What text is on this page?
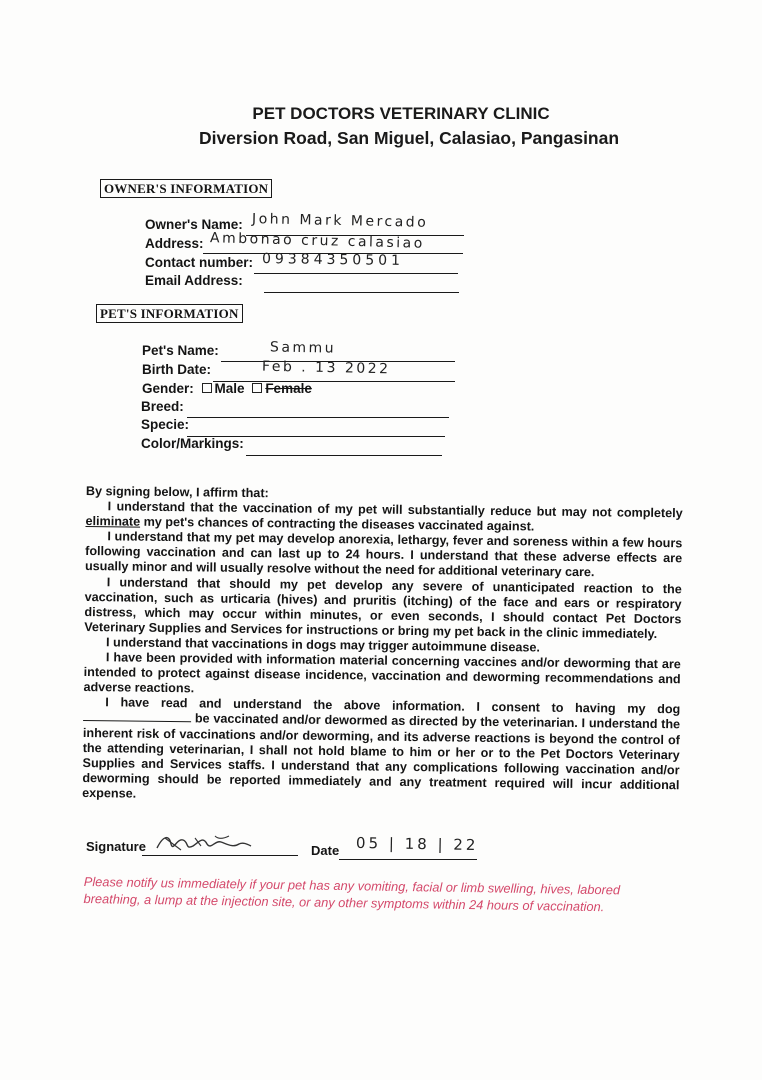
PET DOCTORS VETERINARY CLINIC
Diversion Road, San Miguel, Calasiao, Pangasinan
OWNER'S INFORMATION
Owner's Name: John Mark Mercado
Address: Ambonao cruz calasiao
Contact number: 09384350501
Email Address:
PET'S INFORMATION
Pet's Name:	Sammu
Birth Date:	Feb . 13 2022
Gender: Male Female
Breed:
Specie:
Color/Markings:

By signing below, I affirm that:

I understand that the vaccination of my pet will substantially reduce but may not completely eliminate my pet's chances of contracting the diseases vaccinated against.

I understand that my pet may develop anorexia, lethargy, fever and soreness within a few hours following vaccination and can last up to 24 hours. I understand that these adverse effects are usually minor and will usually resolve without the need for additional veterinary care.

I understand that should my pet develop any severe of unanticipated reaction to the vaccination, such as urticaria (hives) and pruritis (itching) of the face and ears or respiratory distress, which may occur within minutes, or even seconds, I should contact Pet Doctors Veterinary Supplies and Services for instructions or bring my pet back in the clinic immediately.

I understand that vaccinations in dogs may trigger autoimmune disease.

I have been provided with information material concerning vaccines and/or deworming that are intended to protect against disease incidence, vaccination and deworming recommendations and adverse reactions.

I have read and understand the above information. I consent to having my dog  be vaccinated and/or dewormed as directed by the veterinarian. I understand the inherent risk of vaccinations and/or deworming, and its adverse reactions is beyond the control of the attending veterinarian, I shall not hold blame to him or her or to the Pet Doctors Veterinary Supplies and Services staffs. I understand that any complications following vaccination and/or deworming should be reported immediately and any treatment required will incur additional expense.

Signature	Date 05 | 18 | 22
Please notify us immediately if your pet has any vomiting, facial or limb swelling, hives, labored breathing, a lump at the injection site, or any other symptoms within 24 hours of vaccination.
